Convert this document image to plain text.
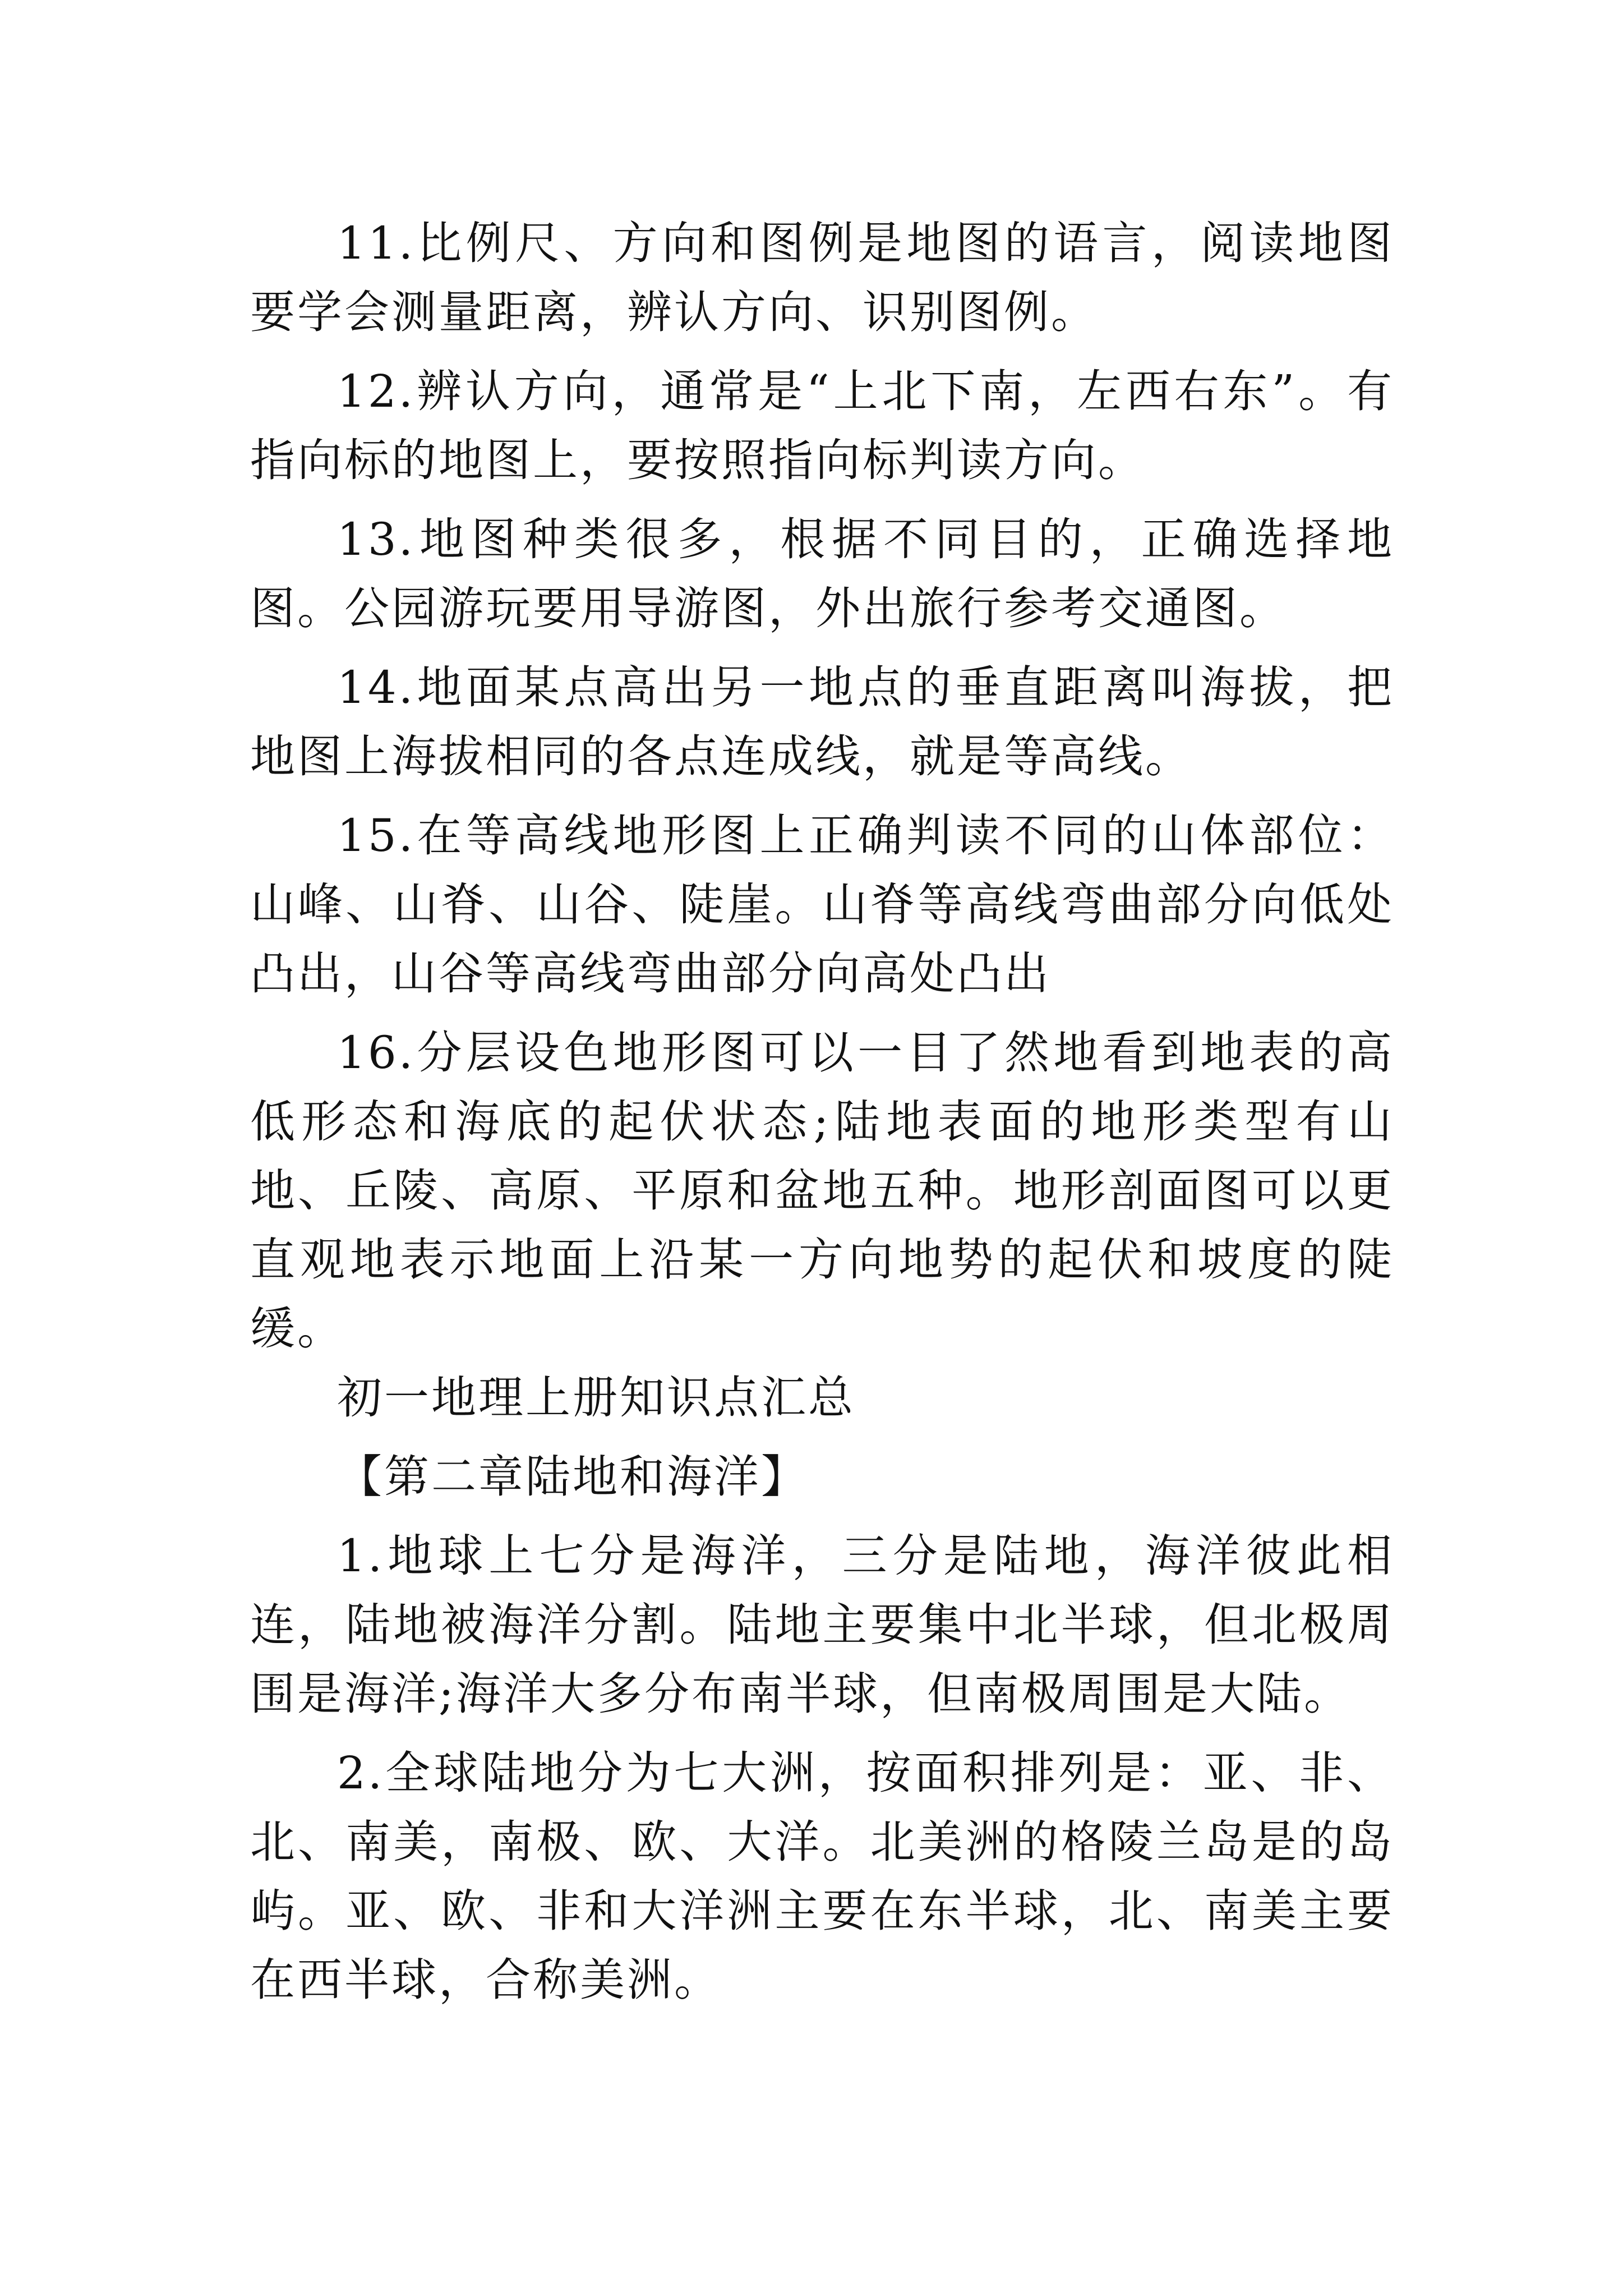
11.比例尺、方向和图例是地图的语言，阅读地图要学会测量距离，辨认方向、识别图例。

12.辨认方向，通常是“上北下南，左西右东”。有指向标的地图上，要按照指向标判读方向。

13.地图种类很多，根据不同目的，正确选择地图。公园游玩要用导游图，外出旅行参考交通图。

14.地面某点高出另一地点的垂直距离叫海拔，把地图上海拔相同的各点连成线，就是等高线。

15.在等高线地形图上正确判读不同的山体部位：山峰、山脊、山谷、陡崖。山脊等高线弯曲部分向低处凸出，山谷等高线弯曲部分向高处凸出

16.分层设色地形图可以一目了然地看到地表的高低形态和海底的起伏状态;陆地表面的地形类型有山地、丘陵、高原、平原和盆地五种。地形剖面图可以更直观地表示地面上沿某一方向地势的起伏和坡度的陡缓。

初一地理上册知识点汇总

【第二章陆地和海洋】

1.地球上七分是海洋，三分是陆地，海洋彼此相连，陆地被海洋分割。陆地主要集中北半球，但北极周围是海洋;海洋大多分布南半球，但南极周围是大陆。

2.全球陆地分为七大洲，按面积排列是：亚、非、北、南美，南极、欧、大洋。北美洲的格陵兰岛是的岛屿。亚、欧、非和大洋洲主要在东半球，北、南美主要在西半球，合称美洲。
